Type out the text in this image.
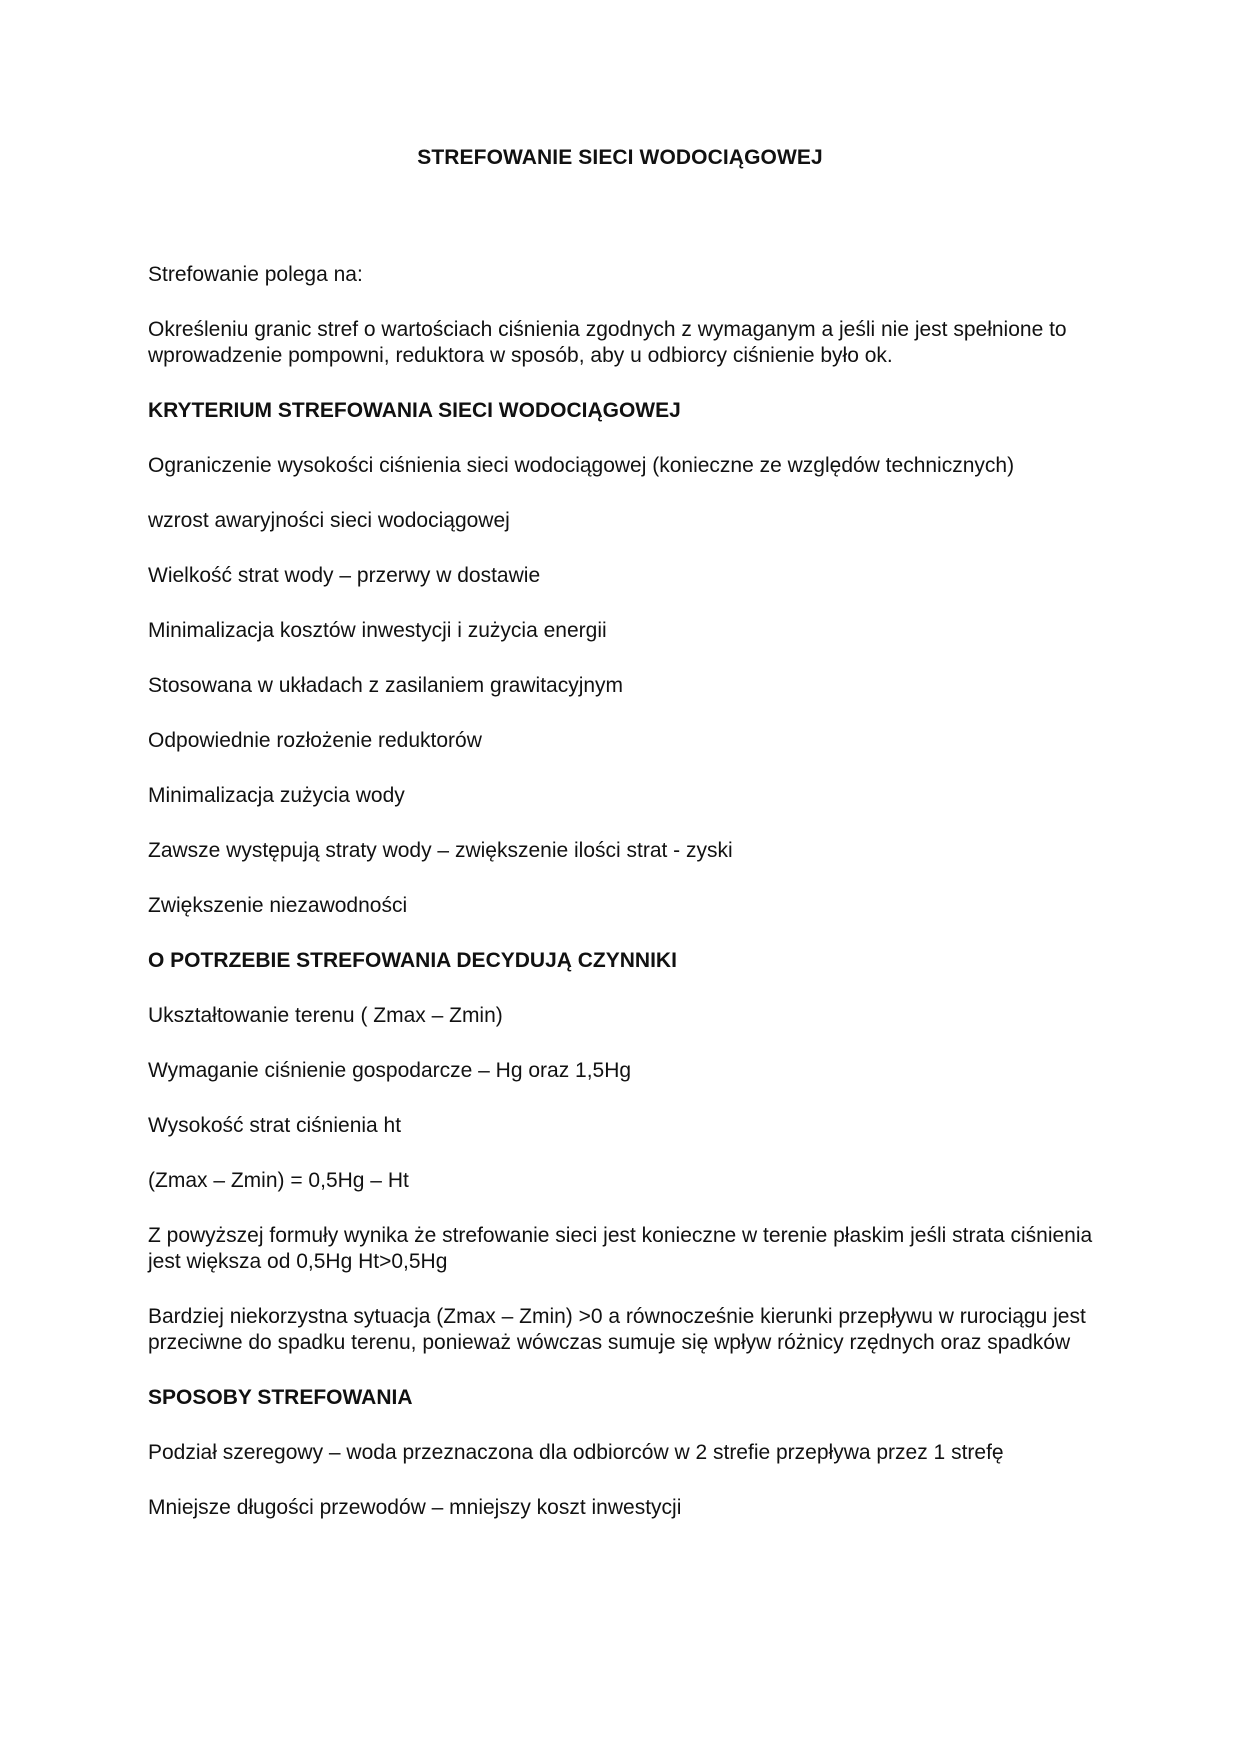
STREFOWANIE SIECI WODOCIĄGOWEJ

Strefowanie polega na:

Określeniu granic stref o wartościach ciśnienia zgodnych z wymaganym a jeśli nie jest spełnione to wprowadzenie pompowni, reduktora w sposób, aby u odbiorcy ciśnienie było ok.

KRYTERIUM STREFOWANIA SIECI WODOCIĄGOWEJ

Ograniczenie wysokości ciśnienia sieci wodociągowej (konieczne ze względów technicznych)

wzrost awaryjności sieci wodociągowej

Wielkość strat wody – przerwy w dostawie

Minimalizacja kosztów inwestycji i zużycia energii

Stosowana w układach z zasilaniem grawitacyjnym

Odpowiednie rozłożenie reduktorów

Minimalizacja zużycia wody

Zawsze występują straty wody – zwiększenie ilości strat - zyski

Zwiększenie niezawodności

O POTRZEBIE STREFOWANIA DECYDUJĄ CZYNNIKI

Ukształtowanie terenu ( Zmax – Zmin)

Wymaganie ciśnienie gospodarcze – Hg oraz 1,5Hg

Wysokość strat ciśnienia ht

(Zmax – Zmin) = 0,5Hg – Ht

Z powyższej formuły wynika że strefowanie sieci jest konieczne w terenie płaskim jeśli strata ciśnienia jest większa od 0,5Hg Ht>0,5Hg

Bardziej niekorzystna sytuacja (Zmax – Zmin) >0 a równocześnie kierunki przepływu w rurociągu jest przeciwne do spadku terenu, ponieważ wówczas sumuje się wpływ różnicy rzędnych oraz spadków

SPOSOBY STREFOWANIA

Podział szeregowy – woda przeznaczona dla odbiorców w 2 strefie przepływa przez 1 strefę

Mniejsze długości przewodów – mniejszy koszt inwestycji
